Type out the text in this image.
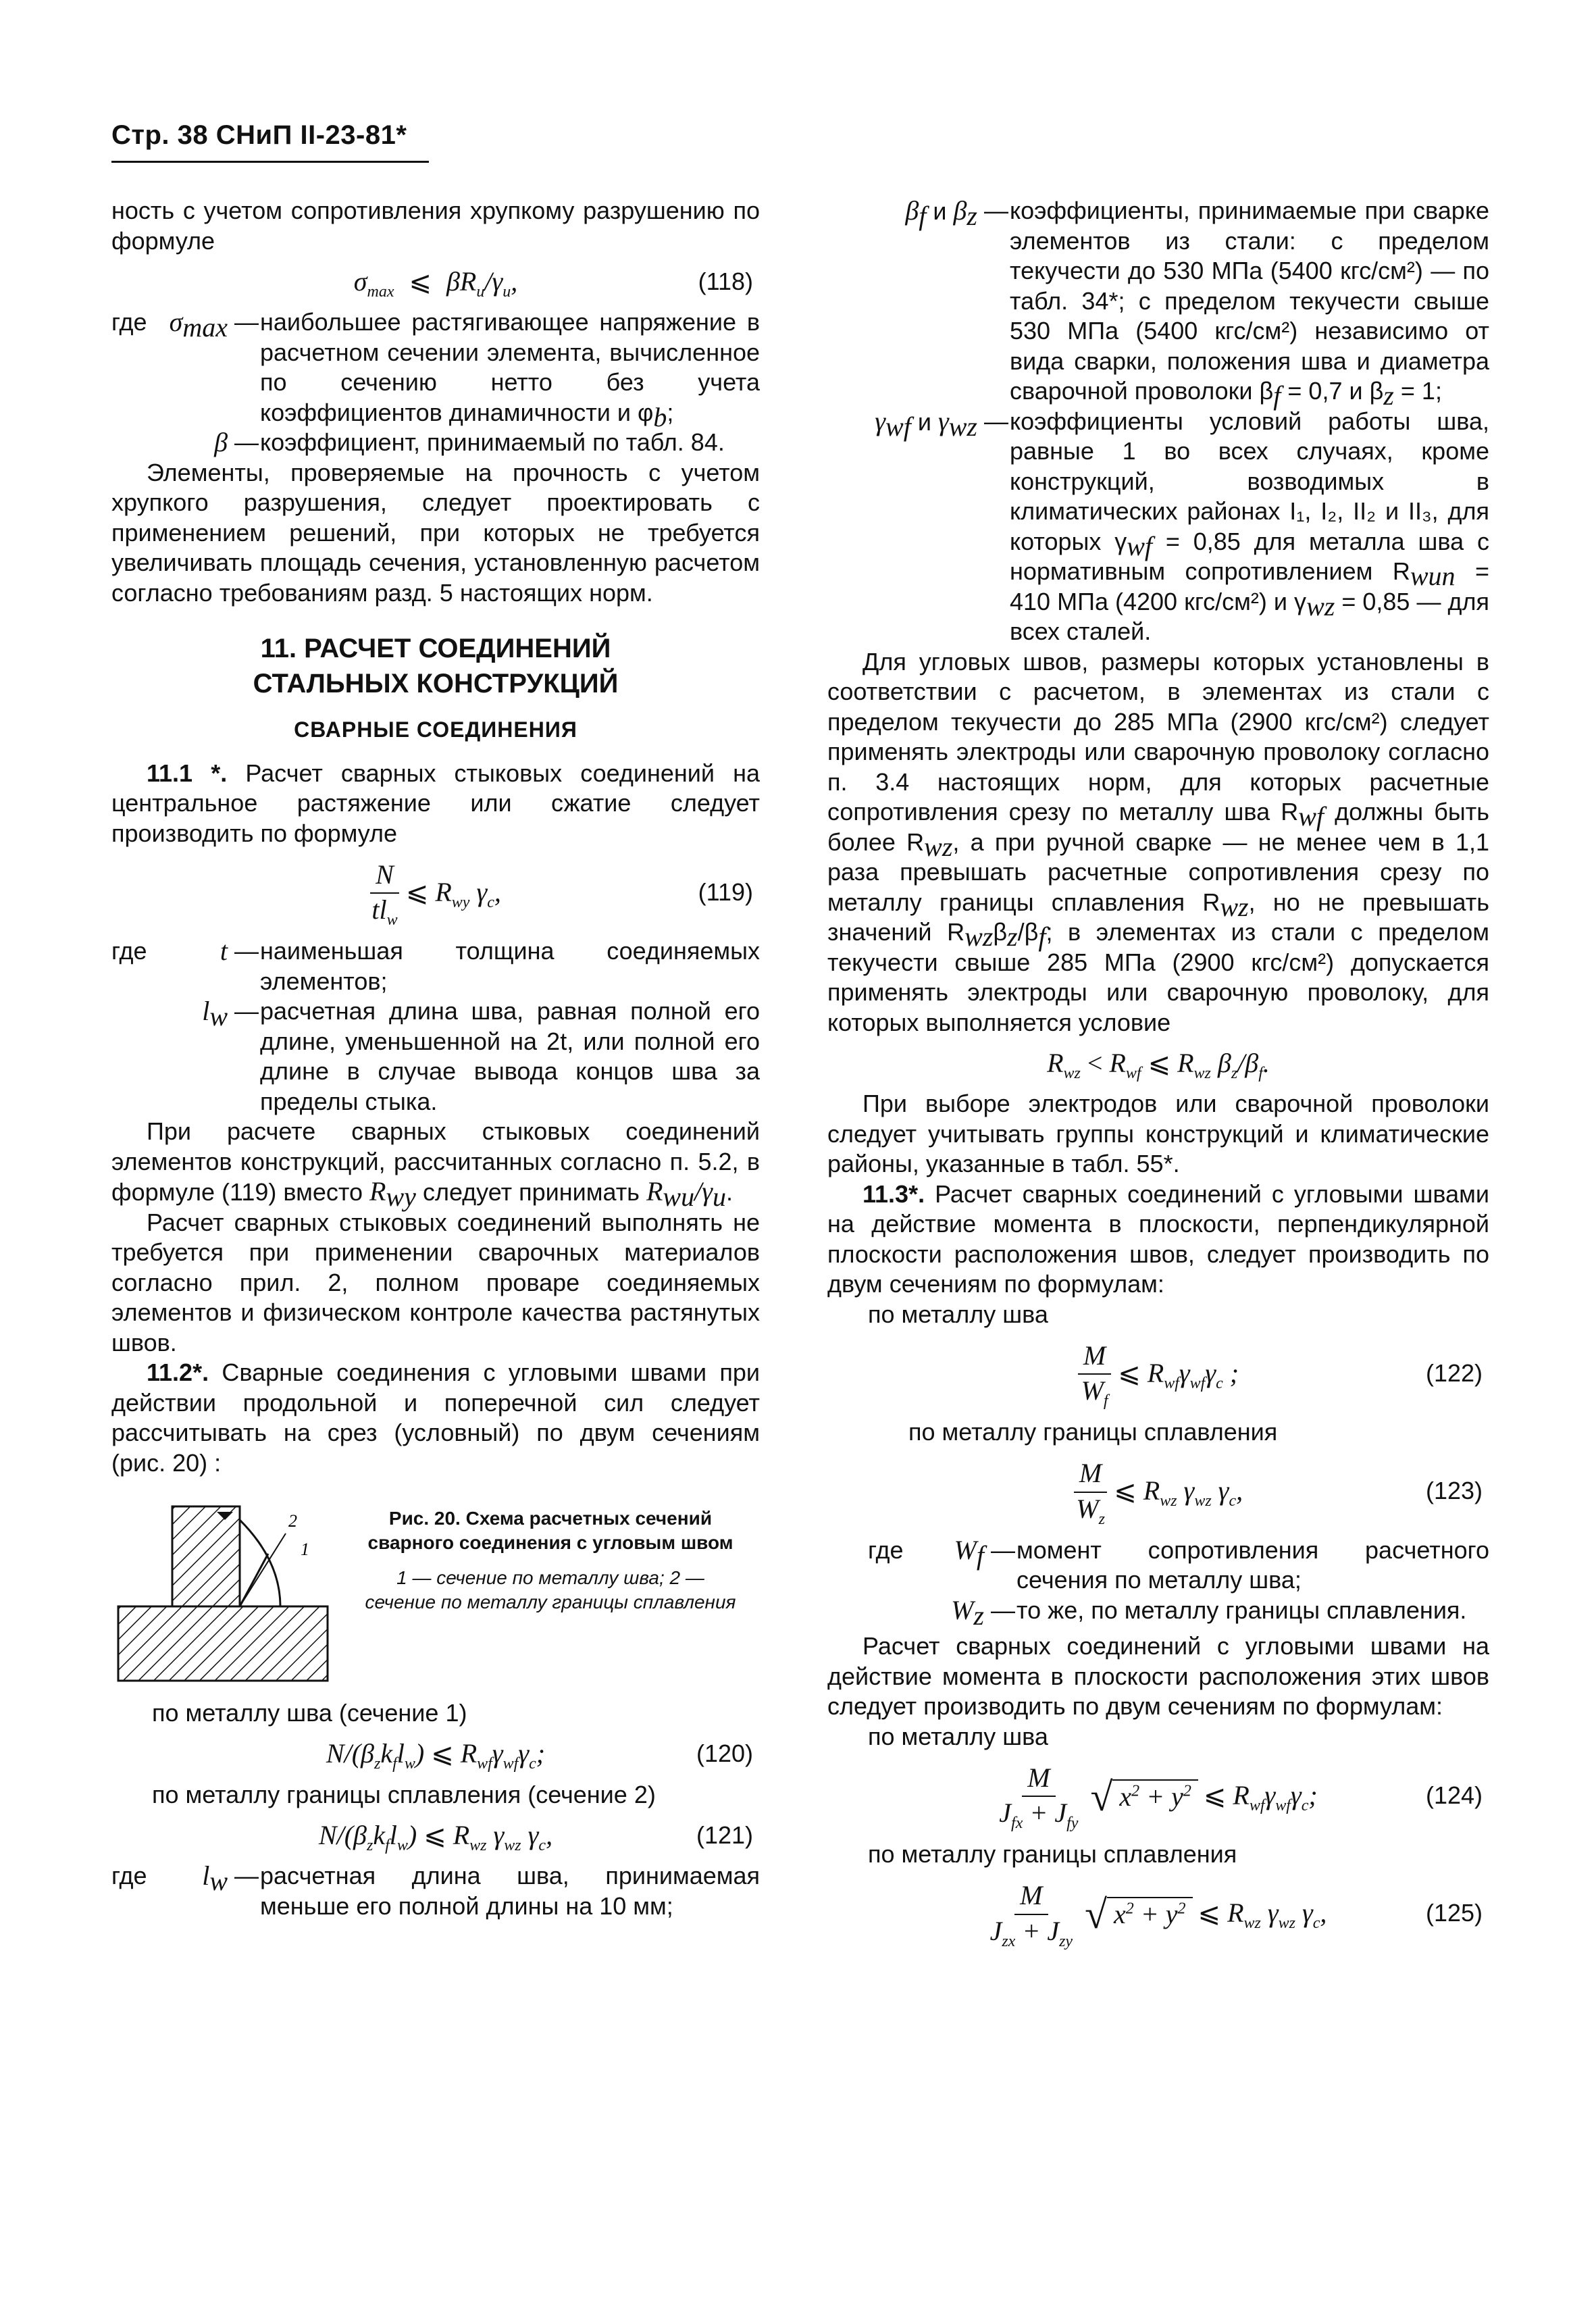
Стр. 38 СНиП II-23-81*

ность с учетом сопротивления хрупкому разрушению по формуле

$\sigma_{max}$ ⩽ $\beta R_u/\gamma_u$,	(118)
где $\sigma_{max}$ — наибольшее растягивающее напряжение в расчетном сечении элемента, вычисленное по сечению нетто без учета коэффициентов динамичности и $\varphi_b$;
β — коэффициент, принимаемый по табл. 84.

Элементы, проверяемые на прочность с учетом хрупкого разрушения, следует проектировать с применением решений, при которых не требуется увеличивать площадь сечения, установленную расчетом согласно требованиям разд. 5 настоящих норм.

11. РАСЧЕТ СОЕДИНЕНИЙ
СТАЛЬНЫХ КОНСТРУКЦИЙ
СВАРНЫЕ СОЕДИНЕНИЯ

11.1 *. Расчет сварных стыковых соединений на центральное растяжение или сжатие следует производить по формуле

$\frac{N}{tl_w}$ ⩽ $R_{wy}$ $\gamma_c$,	(119)
где	t — наименьшая толщина соединяемых элементов;
$l_w$ — расчетная длина шва, равная полной его длине, уменьшенной на 2t, или полной его длине в случае вывода концов шва за пределы стыка.

При расчете сварных стыковых соединений элементов конструкций, рассчитанных согласно п. 5.2, в формуле (119) вместо $R_{wy}$ следует принимать $R_{wu}/\gamma_u$.

Расчет сварных стыковых соединений выполнять не требуется при применении сварочных материалов согласно прил. 2, полном проваре соединяемых элементов и физическом контроле качества растянутых швов.

11.2*. Сварные соединения с угловыми швами при действии продольной и поперечной сил следует рассчитывать на срез (условный) по двум сечениям (рис. 20) :

2
1
Рис. 20. Схема расчетных сечений сварного соединения с угловым швом
1 — сечение по металлу шва; 2 — сечение по металлу границы сплавления

по металлу шва (сечение 1)

$N/(\beta_zk_fl_w)$ ⩽ $R_{wf}\gamma_{wf}\gamma_c$;	(120)

по металлу границы сплавления (сечение 2)

$N/(\beta_zk_fl_w)$ ⩽ $R_{wz}$ $\gamma_{wz}$ $\gamma_c$,	(121)
где $l_w$ — расчетная длина шва, принимаемая меньше его полной длины на 10 мм;
$\beta_f$ и $\beta_z$ — коэффициенты, принимаемые при сварке элементов из стали: с пределом текучести до 530 МПа (5400 кгс/см²) — по табл. 34*; с пределом текучести свыше 530 МПа (5400 кгс/см²) независимо от вида сварки, положения шва и диаметра сварочной проволоки $\beta_f = 0,7$ и $\beta_z = 1$;
$\gamma_{wf}$ и $\gamma_{wz}$ — коэффициенты условий работы шва, равные 1 во всех случаях, кроме конструкций, возводимых в климатических районах I₁, I₂, II₂ и II₃, для которых $\gamma_{wf} = 0,85$ для металла шва с нормативным сопротивлением $R_{wun} = 410$ МПа (4200 кгс/см²) и $\gamma_{wz} = 0,85$ — для всех сталей.

Для угловых швов, размеры которых установлены в соответствии с расчетом, в элементах из стали с пределом текучести до 285 МПа (2900 кгс/см²) следует применять электроды или сварочную проволоку согласно п. 3.4 настоящих норм, для которых расчетные сопротивления срезу по металлу шва $R_{wf}$ должны быть более $R_{wz}$, а при ручной сварке — не менее чем в 1,1 раза превышать расчетные сопротивления срезу по металлу границы сплавления $R_{wz}$, но не превышать значений $R_{wz}\beta_z/\beta_f$; в элементах из стали с пределом текучести свыше 285 МПа (2900 кгс/см²) допускается применять электроды или сварочную проволоку, для которых выполняется условие

$R_{wz} < R_{wf}$ ⩽ $R_{wz}$ $\beta_z/\beta_f$.

При выборе электродов или сварочной проволоки следует учитывать группы конструкций и климатические районы, указанные в табл. 55*.

11.3*. Расчет сварных соединений с угловыми швами на действие момента в плоскости, перпендикулярной плоскости расположения швов, следует производить по двум сечениям по формулам:

по металлу шва

$\frac{M}{W_f}$ ⩽ $R_{wf}\gamma_{wf}\gamma_c$ ;	(122)

по металлу границы сплавления

$\frac{M}{W_z}$ ⩽ $R_{wz}$ $\gamma_{wz}$ $\gamma_c$,	(123)
где $W_f$ — момент сопротивления расчетного сечения по металлу шва;
$W_z$ — то же, по металлу границы сплавления.

Расчет сварных соединений с угловыми швами на действие момента в плоскости расположения этих швов следует производить по двум сечениям по формулам:

по металлу шва

$\frac{M}{J_{fx} + J_{fy}}$ √ $x^2 + y^2$ ⩽ $R_{wf}\gamma_{wf}\gamma_c$;	(124)

по металлу границы сплавления

$\frac{M}{J_{zx} + J_{zy}}$ √ $x^2 + y^2$ ⩽ $R_{wz}$ $\gamma_{wz}$ $\gamma_c$,	(125)
